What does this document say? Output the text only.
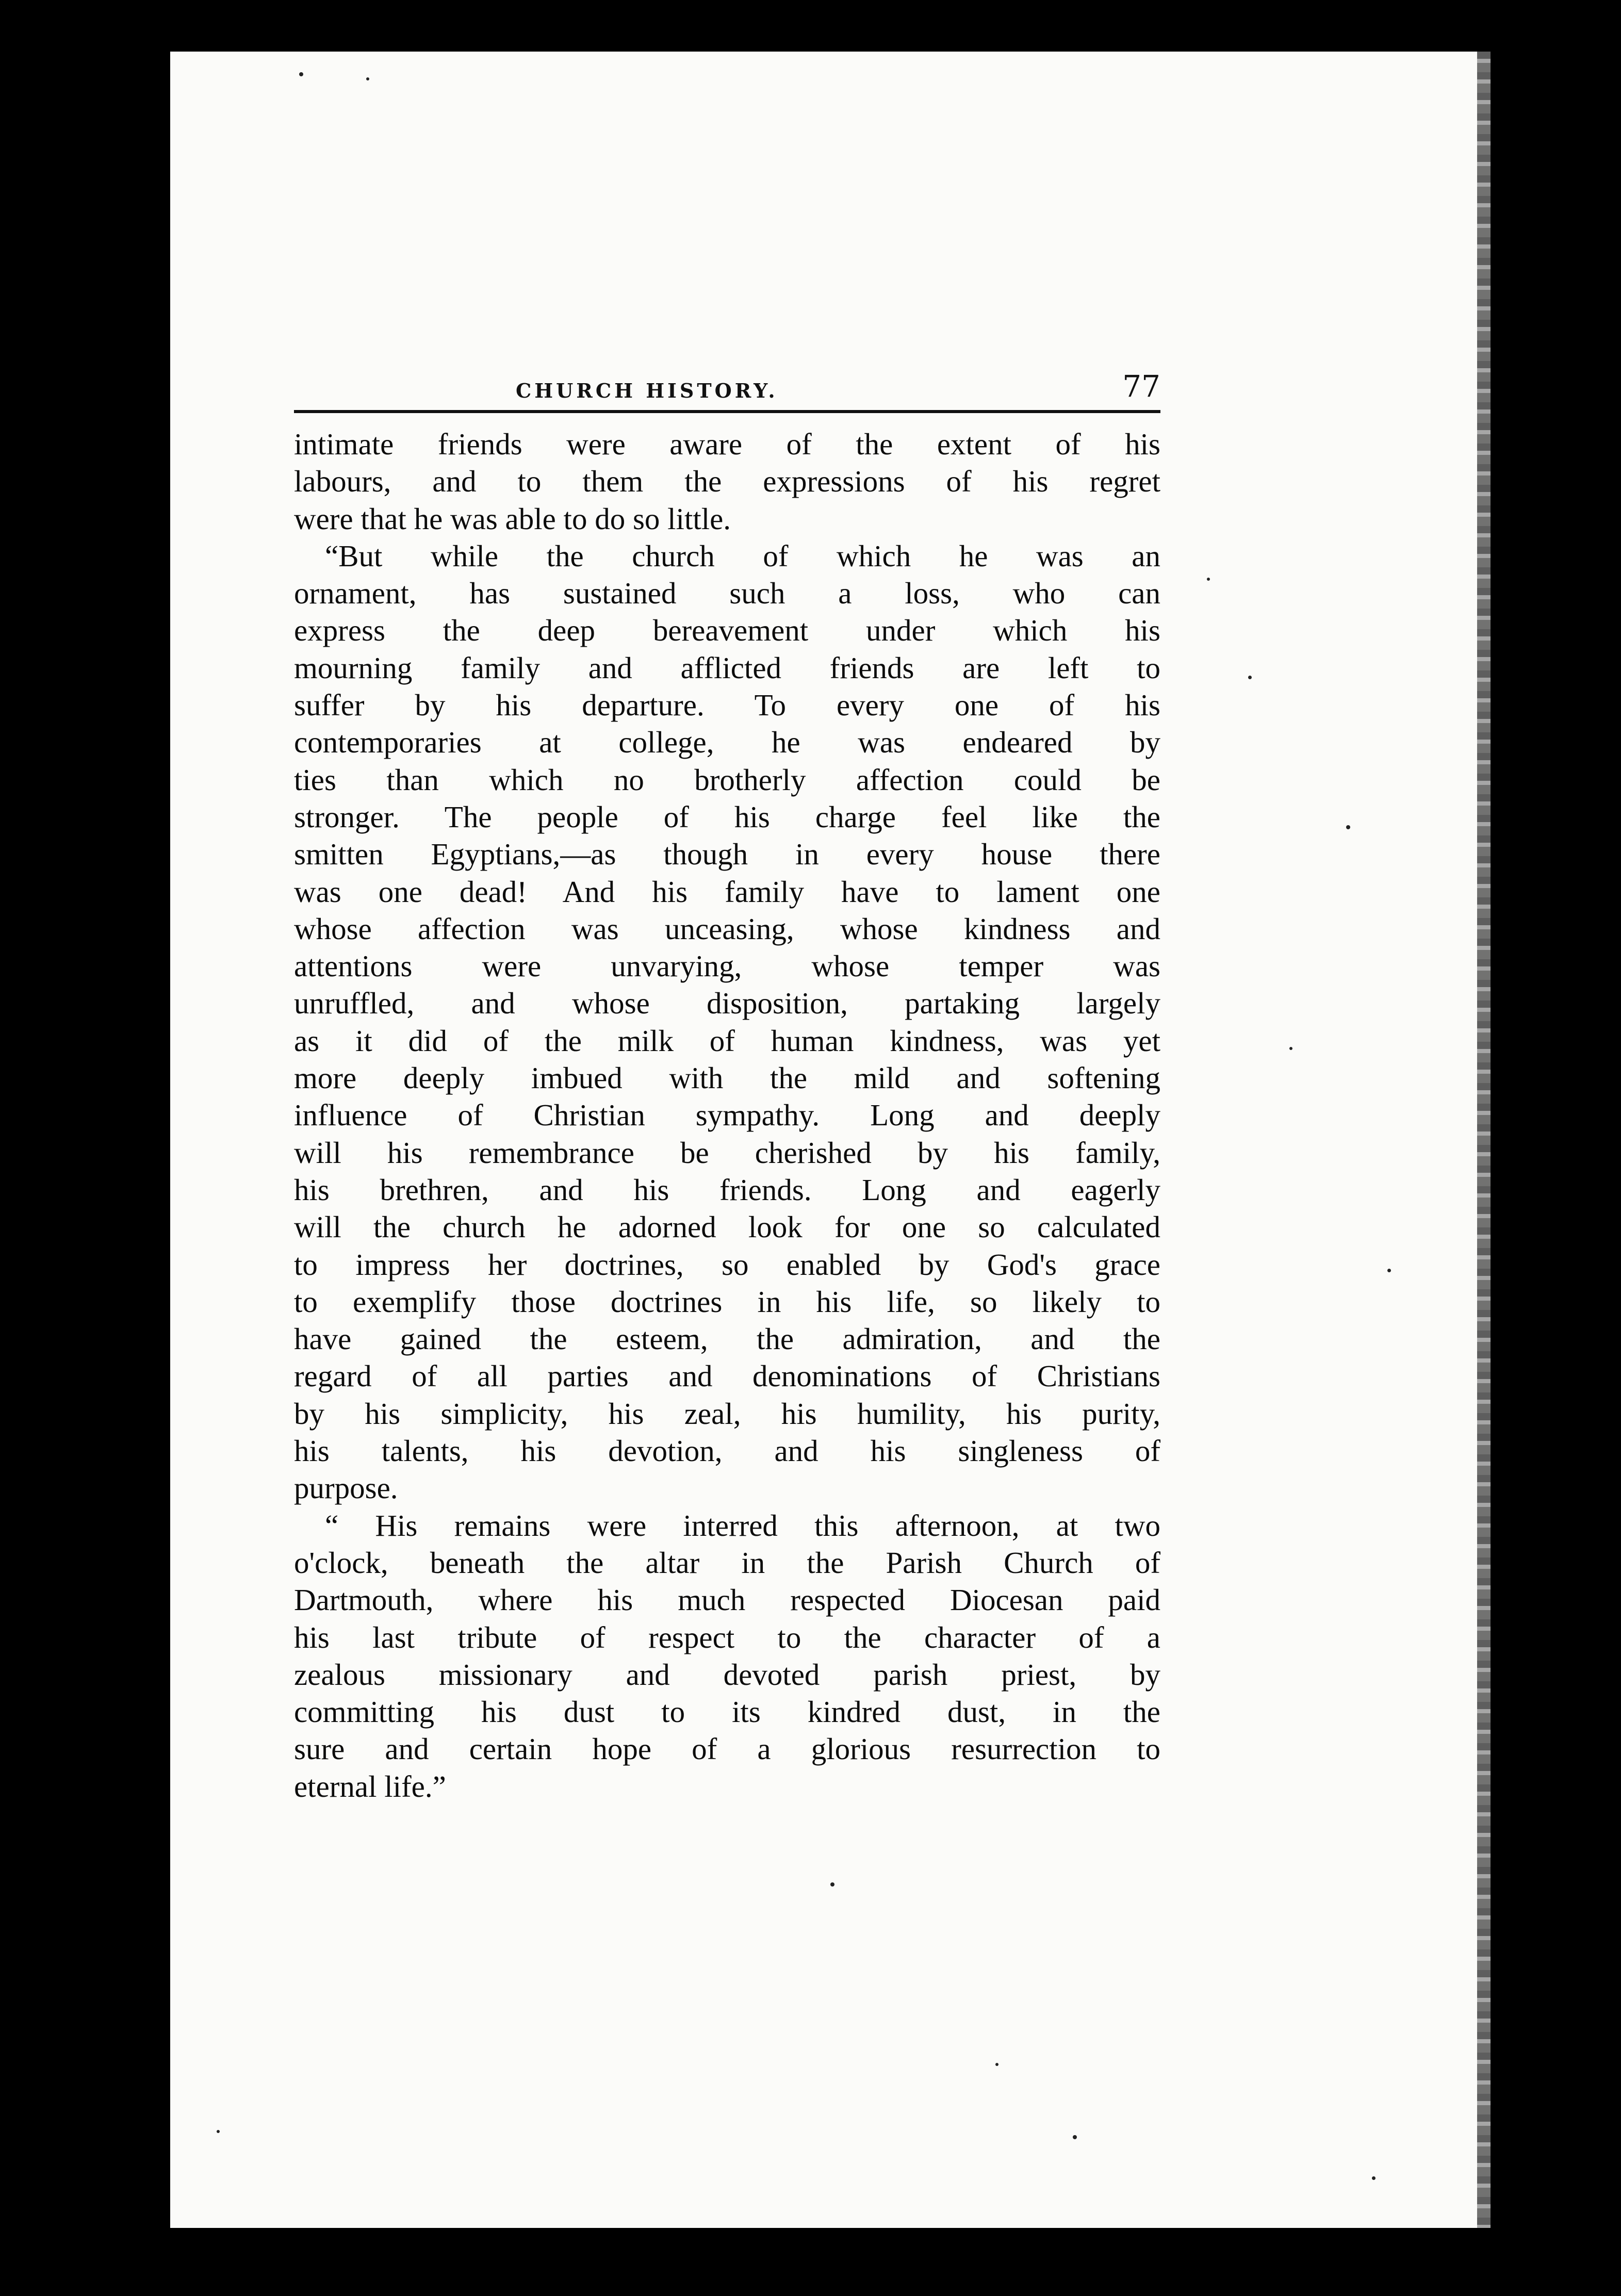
CHURCH HISTORY.	77
intimate friends were aware of the extent of his
labours, and to them the expressions of his regret
were that he was able to do so little.
“But while the church of which he was an
ornament, has sustained such a loss, who can
express the deep bereavement under which his
mourning family and afflicted friends are left to
suffer by his departure. To every one of his
contemporaries at college, he was endeared by
ties than which no brotherly affection could be
stronger. The people of his charge feel like the
smitten Egyptians,—as though in every house there
was one dead! And his family have to lament one
whose affection was unceasing, whose kindness and
attentions were unvarying, whose temper was
unruffled, and whose disposition, partaking largely
as it did of the milk of human kindness, was yet
more deeply imbued with the mild and softening
influence of Christian sympathy. Long and deeply
will his remembrance be cherished by his family,
his brethren, and his friends. Long and eagerly
will the church he adorned look for one so calculated
to impress her doctrines, so enabled by God's grace
to exemplify those doctrines in his life, so likely to
have gained the esteem, the admiration, and the
regard of all parties and denominations of Christians
by his simplicity, his zeal, his humility, his purity,
his talents, his devotion, and his singleness of
purpose.
“ His remains were interred this afternoon, at two
o'clock, beneath the altar in the Parish Church of
Dartmouth, where his much respected Diocesan paid
his last tribute of respect to the character of a
zealous missionary and devoted parish priest, by
committing his dust to its kindred dust, in the
sure and certain hope of a glorious resurrection to
eternal life.”
